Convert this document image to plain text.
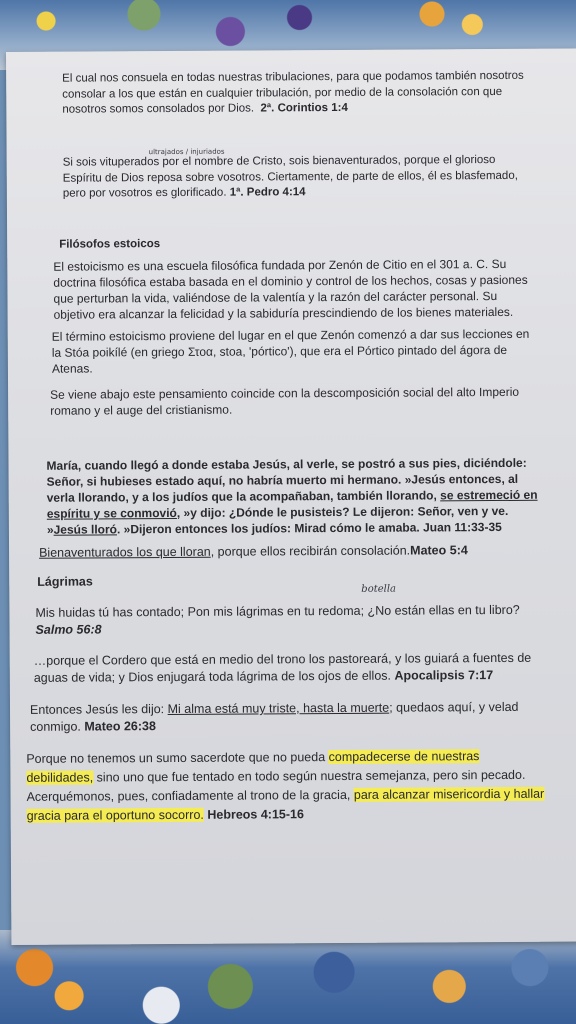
El cual nos consuela en todas nuestras tribulaciones, para que podamos también nosotros consolar a los que están en cualquier tribulación, por medio de la consolación con que nosotros somos consolados por Dios. 2ª. Corintios 1:4

ultrajados / injuriados

Si sois vituperados por el nombre de Cristo, sois bienaventurados, porque el glorioso Espíritu de Dios reposa sobre vosotros. Ciertamente, de parte de ellos, él es blasfemado, pero por vosotros es glorificado. 1ª. Pedro 4:14

Filósofos estoicos
El estoicismo es una escuela filosófica fundada por Zenón de Citio en el 301 a. C. Su doctrina filosófica estaba basada en el dominio y control de los hechos, cosas y pasiones que perturban la vida, valiéndose de la valentía y la razón del carácter personal. Su objetivo era alcanzar la felicidad y la sabiduría prescindiendo de los bienes materiales.
El término estoicismo proviene del lugar en el que Zenón comenzó a dar sus lecciones en la Stóa poikílé (en griego Στοα, stoa, 'pórtico'), que era el Pórtico pintado del ágora de Atenas.
Se viene abajo este pensamiento coincide con la descomposición social del alto Imperio romano y el auge del cristianismo.

María, cuando llegó a donde estaba Jesús, al verle, se postró a sus pies, diciéndole: Señor, si hubieses estado aquí, no habría muerto mi hermano. »Jesús entonces, al verla llorando, y a los judíos que la acompañaban, también llorando, se estremeció en espíritu y se conmovió, »y dijo: ¿Dónde le pusisteis? Le dijeron: Señor, ven y ve. »Jesús lloró. »Dijeron entonces los judíos: Mirad cómo le amaba. Juan 11:33-35

Bienaventurados los que lloran, porque ellos recibirán consolación.Mateo 5:4

Lágrimas
botella

Mis huidas tú has contado; Pon mis lágrimas en tu redoma; ¿No están ellas en tu libro? Salmo 56:8

…porque el Cordero que está en medio del trono los pastoreará, y los guiará a fuentes de aguas de vida; y Dios enjugará toda lágrima de los ojos de ellos. Apocalipsis 7:17

Entonces Jesús les dijo: Mi alma está muy triste, hasta la muerte; quedaos aquí, y velad conmigo. Mateo 26:38

Porque no tenemos un sumo sacerdote que no pueda compadecerse de nuestras debilidades, sino uno que fue tentado en todo según nuestra semejanza, pero sin pecado. Acerquémonos, pues, confiadamente al trono de la gracia, para alcanzar misericordia y hallar gracia para el oportuno socorro. Hebreos 4:15-16
